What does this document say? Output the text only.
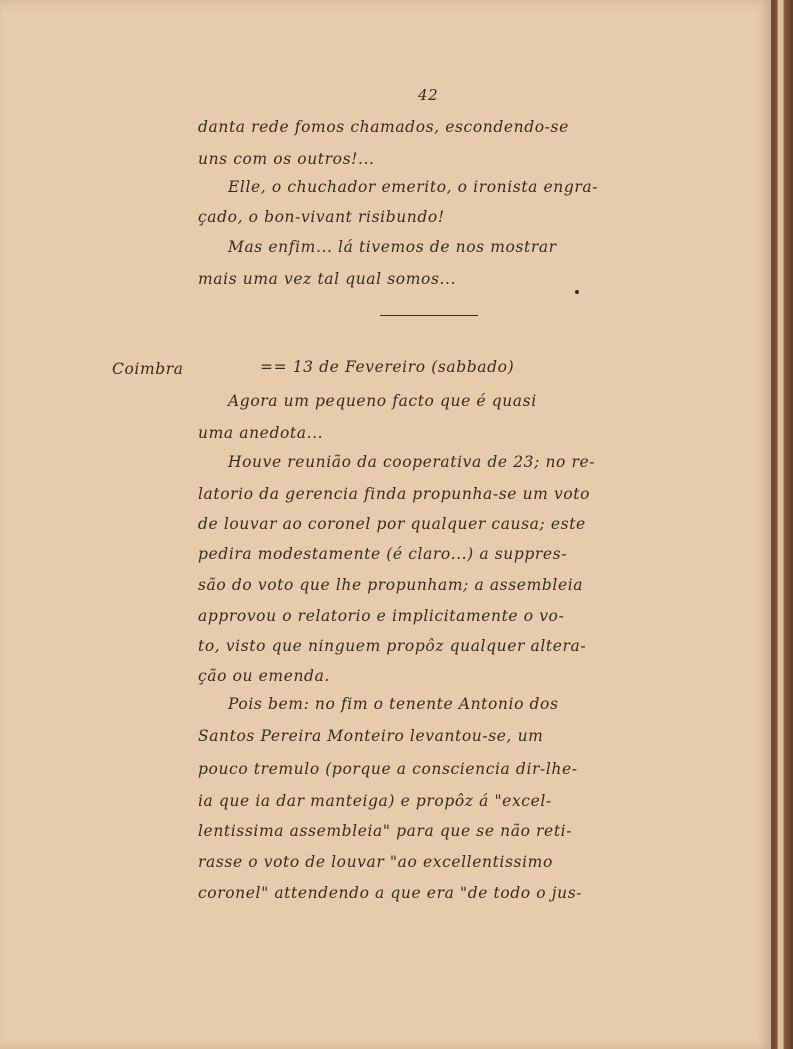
42
danta rede fomos chamados, escondendo-se
uns com os outros!...
Elle, o chuchador emerito, o ironista engra-
çado, o bon-vivant risibundo!
Mas enfim... lá tivemos de nos mostrar
mais uma vez tal qual somos...
Coimbra	== 13 de Fevereiro (sabbado)
Agora um pequeno facto que é quasi
uma anedota...
Houve reunião da cooperativa de 23; no re-
latorio da gerencia finda propunha-se um voto
de louvar ao coronel por qualquer causa; este
pedira modestamente (é claro...) a suppres-
são do voto que lhe propunham; a assembleia
approvou o relatorio e implicitamente o vo-
to, visto que ninguem propôz qualquer altera-
ção ou emenda.
Pois bem: no fim o tenente Antonio dos
Santos Pereira Monteiro levantou-se, um
pouco tremulo (porque a consciencia dir-lhe-
ia que ia dar manteiga) e propôz á "excel-
lentissima assembleia" para que se não reti-
rasse o voto de louvar "ao excellentissimo
coronel" attendendo a que era "de todo o jus-
